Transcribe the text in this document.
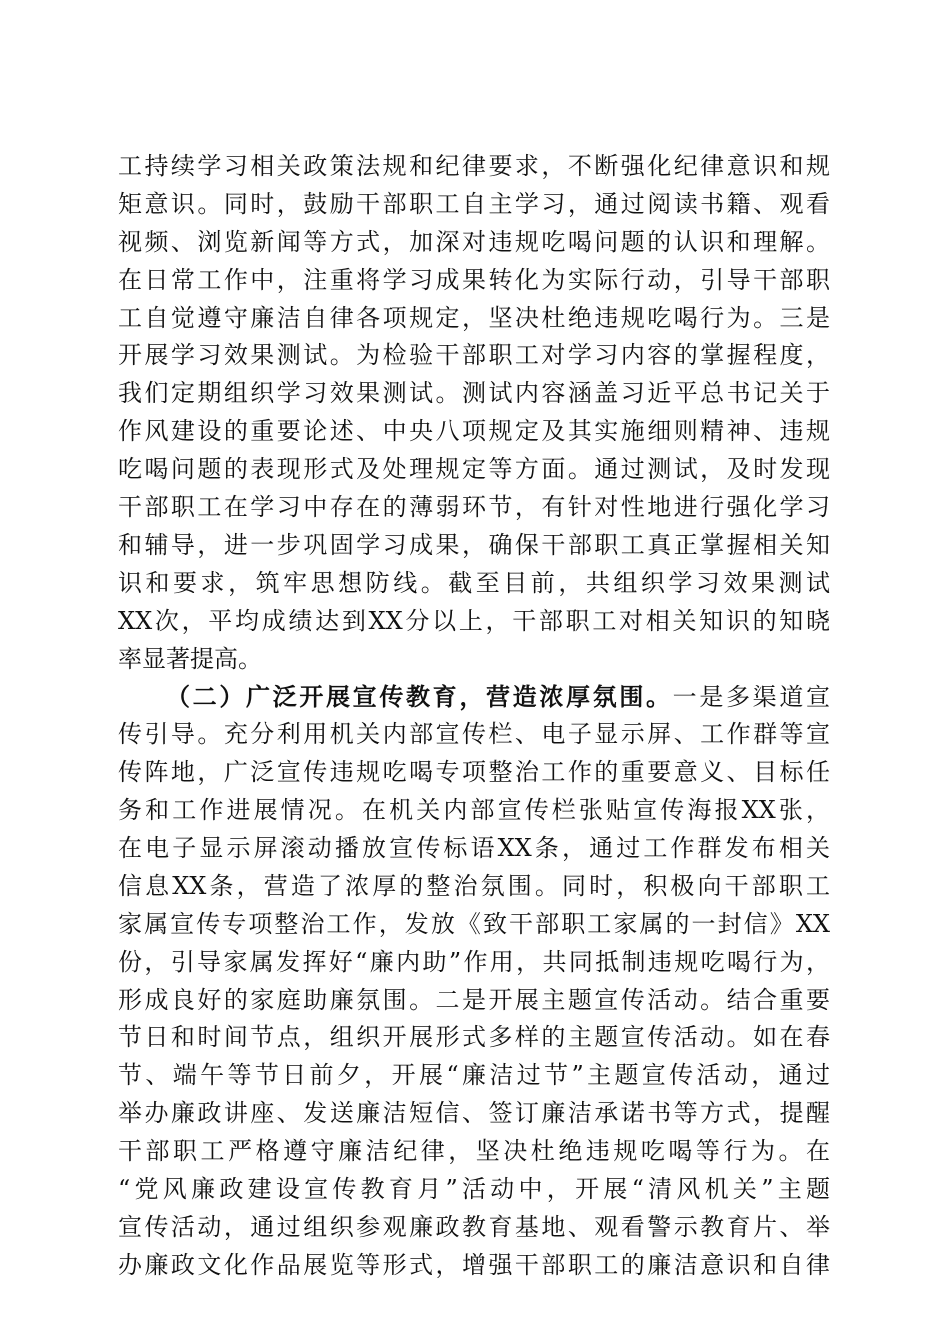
工持续学习相关政策法规和纪律要求，不断强化纪律意识和规
矩意识。同时，鼓励干部职工自主学习，通过阅读书籍、观看
视频、浏览新闻等方式，加深对违规吃喝问题的认识和理解。
在日常工作中，注重将学习成果转化为实际行动，引导干部职
工自觉遵守廉洁自律各项规定，坚决杜绝违规吃喝行为。三是
开展学习效果测试。为检验干部职工对学习内容的掌握程度，
我们定期组织学习效果测试。测试内容涵盖习近平总书记关于
作风建设的重要论述、中央八项规定及其实施细则精神、违规
吃喝问题的表现形式及处理规定等方面。通过测试，及时发现
干部职工在学习中存在的薄弱环节，有针对性地进行强化学习
和辅导，进一步巩固学习成果，确保干部职工真正掌握相关知
识和要求，筑牢思想防线。截至目前，共组织学习效果测试
XX次，平均成绩达到XX分以上，干部职工对相关知识的知晓
率显著提高。
（二）广泛开展宣传教育，营造浓厚氛围。一是多渠道宣
传引导。充分利用机关内部宣传栏、电子显示屏、工作群等宣
传阵地，广泛宣传违规吃喝专项整治工作的重要意义、目标任
务和工作进展情况。在机关内部宣传栏张贴宣传海报XX张，
在电子显示屏滚动播放宣传标语XX条，通过工作群发布相关
信息XX条，营造了浓厚的整治氛围。同时，积极向干部职工
家属宣传专项整治工作，发放《致干部职工家属的一封信》XX
份，引导家属发挥好“廉内助”作用，共同抵制违规吃喝行为，
形成良好的家庭助廉氛围。二是开展主题宣传活动。结合重要
节日和时间节点，组织开展形式多样的主题宣传活动。如在春
节、端午等节日前夕，开展“廉洁过节”主题宣传活动，通过
举办廉政讲座、发送廉洁短信、签订廉洁承诺书等方式，提醒
干部职工严格遵守廉洁纪律，坚决杜绝违规吃喝等行为。在
“党风廉政建设宣传教育月”活动中，开展“清风机关”主题
宣传活动，通过组织参观廉政教育基地、观看警示教育片、举
办廉政文化作品展览等形式，增强干部职工的廉洁意识和自律
